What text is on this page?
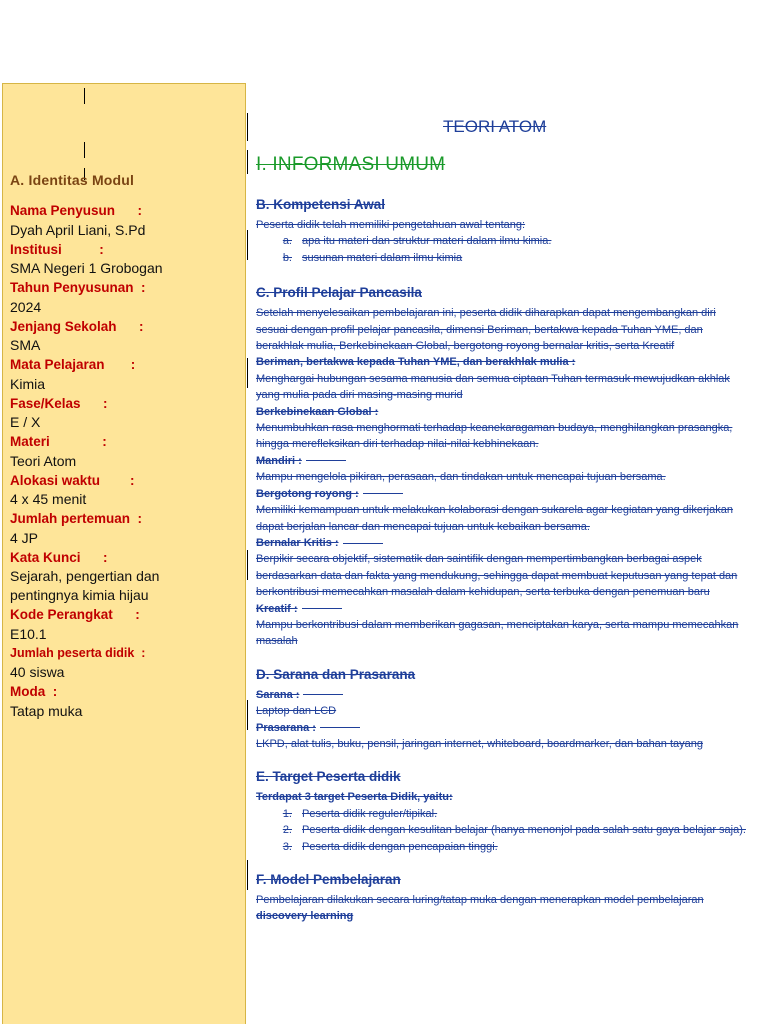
A. Identitas Modul
Nama Penyusun      :
Dyah April Liani, S.Pd
Institusi          :
SMA Negeri 1 Grobogan
Tahun Penyusunan  :
2024
Jenjang Sekolah      :
SMA
Mata Pelajaran       :
Kimia
Fase/Kelas      :
E / X
Materi              :
Teori Atom
Alokasi waktu        :
4 x 45 menit
Jumlah pertemuan  :
4 JP
Kata Kunci      :
Sejarah, pengertian dan
pentingnya kimia hijau
Kode Perangkat      :
E10.1
Jumlah peserta didik  :
40 siswa
Moda  :
Tatap muka
TEORI ATOM
I. INFORMASI UMUM
B. Kompetensi Awal

Peserta didik telah memiliki pengetahuan awal tentang:

a. apa itu materi dan struktur materi dalam ilmu kimia.
b. susunan materi dalam ilmu kimia
C. Profil Pelajar Pancasila

Setelah menyelesaikan pembelajaran ini, peserta didik diharapkan dapat mengembangkan diri sesuai dengan profil pelajar pancasila, dimensi Beriman, bertakwa kepada Tuhan YME, dan berakhlak mulia, Berkebinekaan Global, bergotong royong bernalar kritis, serta Kreatif

Beriman, bertakwa kepada Tuhan YME, dan berakhlak mulia :

Menghargai hubungan sesama manusia dan semua ciptaan Tuhan termasuk mewujudkan akhlak yang mulia pada diri masing-masing murid

Berkebinekaan Global :

Menumbuhkan rasa menghormati terhadap keanekaragaman budaya, menghilangkan prasangka, hingga merefleksikan diri terhadap nilai-nilai kebhinekaan.

Mandiri :

Mampu mengelola pikiran, perasaan, dan tindakan untuk mencapai tujuan bersama.

Bergotong royong :

Memiliki kemampuan untuk melakukan kolaborasi dengan sukarela agar kegiatan yang dikerjakan dapat berjalan lancar dan mencapai tujuan untuk kebaikan bersama.

Bernalar Kritis :

Berpikir secara objektif, sistematik dan saintifik dengan mempertimbangkan berbagai aspek berdasarkan data dan fakta yang mendukung, sehingga dapat membuat keputusan yang tepat dan berkontribusi memecahkan masalah dalam kehidupan, serta terbuka dengan penemuan baru

Kreatif :

Mampu berkontribusi dalam memberikan gagasan, menciptakan karya, serta mampu memecahkan masalah

D. Sarana dan Prasarana
Sarana :

Laptop dan LCD

Prasarana :

LKPD, alat tulis, buku, pensil, jaringan internet, whiteboard, boardmarker, dan bahan tayang

E. Target Peserta didik

Terdapat 3 target Peserta Didik, yaitu:

1. Peserta didik reguler/tipikal.
2. Peserta didik dengan kesulitan belajar (hanya menonjol pada salah satu gaya belajar saja).
3. Peserta didik dengan pencapaian tinggi.
F. Model Pembelajaran

Pembelajaran dilakukan secara luring/tatap muka dengan menerapkan model pembelajaran discovery learning
